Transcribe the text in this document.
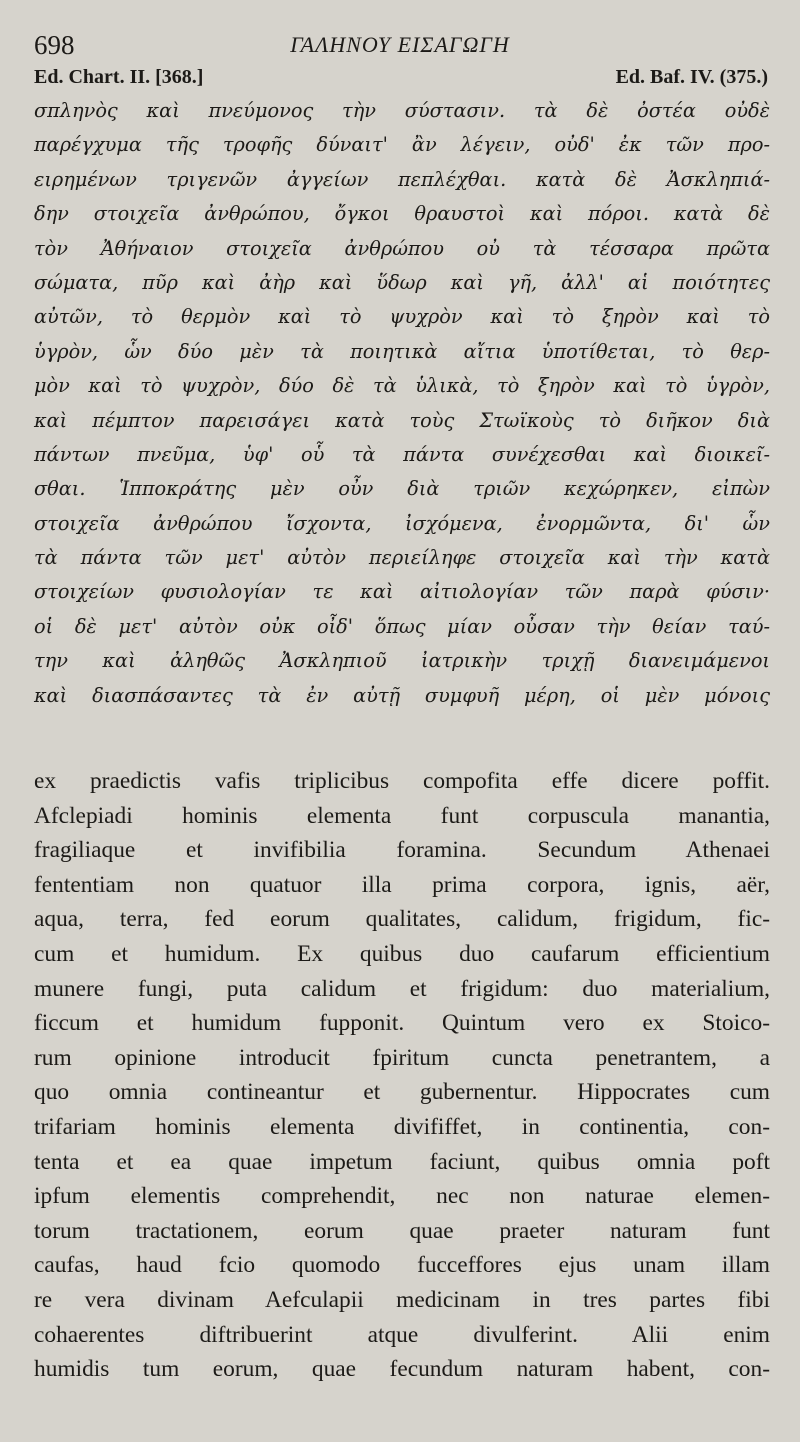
698	ΓΑΛΗΝΟΥ ΕΙΣΑΓΩΓΗ
Ed. Chart. II. [368.]	Ed. Baf. IV. (375.)
σπληνὸς καὶ πνεύμονος τὴν σύστασιν. τὰ δὲ ὀστέα οὐδὲ
παρέγχυμα τῆς τροφῆς δύναιτ' ἂν λέγειν, οὐδ' ἐκ τῶν προ-
ειρημένων τριγενῶν ἀγγείων πεπλέχθαι. κατὰ δὲ Ἀσκληπιά-
δην στοιχεῖα ἀνθρώπου, ὄγκοι θραυστοὶ καὶ πόροι. κατὰ δὲ
τὸν Ἀθήναιον στοιχεῖα ἀνθρώπου οὐ τὰ τέσσαρα πρῶτα
σώματα, πῦρ καὶ ἀὴρ καὶ ὕδωρ καὶ γῆ, ἀλλ' αἱ ποιότητες
αὐτῶν, τὸ θερμὸν καὶ τὸ ψυχρὸν καὶ τὸ ξηρὸν καὶ τὸ
ὑγρὸν, ὧν δύο μὲν τὰ ποιητικὰ αἴτια ὑποτίθεται, τὸ θερ-
μὸν καὶ τὸ ψυχρὸν, δύο δὲ τὰ ὑλικὰ, τὸ ξηρὸν καὶ τὸ ὑγρὸν,
καὶ πέμπτον παρεισάγει κατὰ τοὺς Στωϊκοὺς τὸ διῆκον διὰ
πάντων πνεῦμα, ὑφ' οὗ τὰ πάντα συνέχεσθαι καὶ διοικεῖ-
σθαι. Ἱπποκράτης μὲν οὖν διὰ τριῶν κεχώρηκεν, εἰπὼν
στοιχεῖα ἀνθρώπου ἴσχοντα, ἰσχόμενα, ἐνορμῶντα, δι' ὧν
τὰ πάντα τῶν μετ' αὐτὸν περιείληφε στοιχεῖα καὶ τὴν κατὰ
στοιχείων φυσιολογίαν τε καὶ αἰτιολογίαν τῶν παρὰ φύσιν·
οἱ δὲ μετ' αὐτὸν οὐκ οἶδ' ὅπως μίαν οὖσαν τὴν θείαν ταύ-
την καὶ ἀληθῶς Ἀσκληπιοῦ ἰατρικὴν τριχῇ διανειμάμενοι
καὶ διασπάσαντες τὰ ἐν αὐτῇ συμφυῆ μέρη, οἱ μὲν μόνοις
ex praedictis vafis triplicibus compofita effe dicere poffit.
Afclepiadi hominis elementa funt corpuscula manantia,
fragiliaque et invifibilia foramina. Secundum Athenaei
fententiam non quatuor illa prima corpora, ignis, aër,
aqua, terra, fed eorum qualitates, calidum, frigidum, fic-
cum et humidum. Ex quibus duo caufarum efficientium
munere fungi, puta calidum et frigidum: duo materialium,
ficcum et humidum fupponit. Quintum vero ex Stoico-
rum opinione introducit fpiritum cuncta penetrantem, a
quo omnia contineantur et gubernentur. Hippocrates cum
trifariam hominis elementa divififfet, in continentia, con-
tenta et ea quae impetum faciunt, quibus omnia poft
ipfum elementis comprehendit, nec non naturae elemen-
torum tractationem, eorum quae praeter naturam funt
caufas, haud fcio quomodo fucceffores ejus unam illam
re vera divinam Aefculapii medicinam in tres partes fibi
cohaerentes diftribuerint atque divulferint. Alii enim
humidis tum eorum, quae fecundum naturam habent, con-
